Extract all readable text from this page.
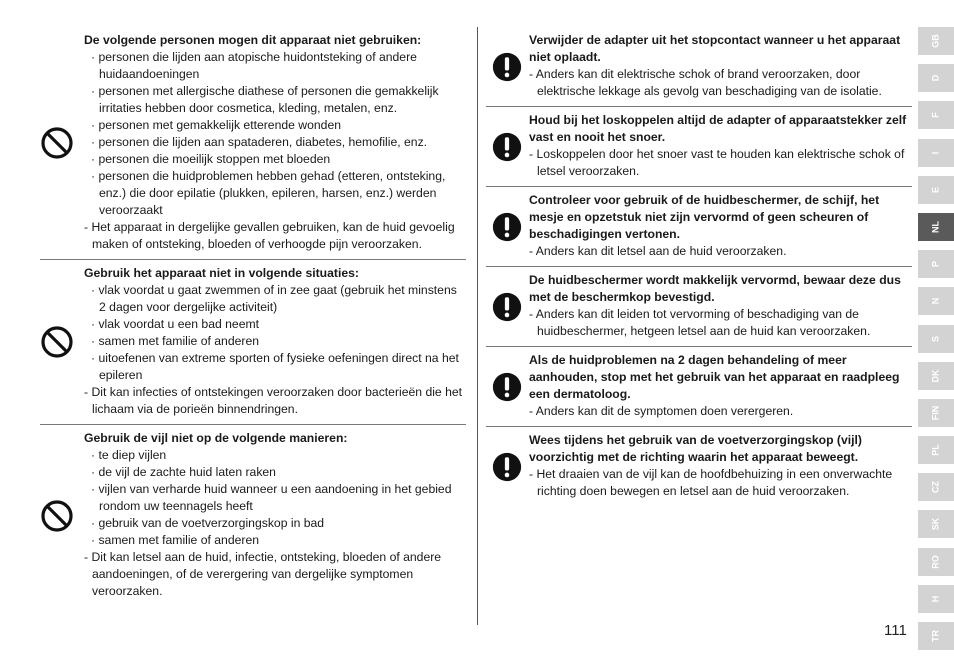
De volgende personen mogen dit apparaat niet gebruiken:

· personen die lijden aan atopische huidontsteking of andere huidaandoeningen
· personen met allergische diathese of personen die gemakkelijk irritaties hebben door cosmetica, kleding, metalen, enz.
· personen met gemakkelijk etterende wonden
· personen die lijden aan spataderen, diabetes, hemofilie, enz.
· personen die moeilijk stoppen met bloeden
· personen die huidproblemen hebben gehad (etteren, ontsteking, enz.) die door epilatie (plukken, epileren, harsen, enz.) werden veroorzaakt
- Het apparaat in dergelijke gevallen gebruiken, kan de huid gevoelig maken of ontsteking, bloeden of verhoogde pijn veroorzaken.

Gebruik het apparaat niet in volgende situaties:

· vlak voordat u gaat zwemmen of in zee gaat (gebruik het minstens 2 dagen voor dergelijke activiteit)
· vlak voordat u een bad neemt
· samen met familie of anderen
· uitoefenen van extreme sporten of fysieke oefeningen direct na het epileren
- Dit kan infecties of ontstekingen veroorzaken door bacterieën die het lichaam via de porieën binnendringen.

Gebruik de vijl niet op de volgende manieren:

· te diep vijlen
· de vijl de zachte huid laten raken
· vijlen van verharde huid wanneer u een aandoening in het gebied rondom uw teennagels heeft
· gebruik van de voetverzorgingskop in bad
· samen met familie of anderen
- Dit kan letsel aan de huid, infectie, ontsteking, bloeden of andere aandoeningen, of de verergering van dergelijke symptomen veroorzaken.

Verwijder de adapter uit het stopcontact wanneer u het apparaat niet oplaadt.

- Anders kan dit elektrische schok of brand veroorzaken, door elektrische lekkage als gevolg van beschadiging van de isolatie.

Houd bij het loskoppelen altijd de adapter of apparaatstekker zelf vast en nooit het snoer.

- Loskoppelen door het snoer vast te houden kan elektrische schok of letsel veroorzaken.

Controleer voor gebruik of de huidbeschermer, de schijf, het mesje en opzetstuk niet zijn vervormd of geen scheuren of beschadigingen vertonen.

- Anders kan dit letsel aan de huid veroorzaken.

De huidbeschermer wordt makkelijk vervormd, bewaar deze dus met de beschermkop bevestigd.

- Anders kan dit leiden tot vervorming of beschadiging van de huidbeschermer, hetgeen letsel aan de huid kan veroorzaken.

Als de huidproblemen na 2 dagen behandeling of meer aanhouden, stop met het gebruik van het apparaat en raadpleeg een dermatoloog.

- Anders kan dit de symptomen doen verergeren.

Wees tijdens het gebruik van de voetverzorgingskop (vijl) voorzichtig met de richting waarin het apparaat beweegt.

- Het draaien van de vijl kan de hoofdbehuizing in een onverwachte richting doen bewegen en letsel aan de huid veroorzaken.
GB
D
F
I
E
NL
P
N
S
DK
FIN
PL
CZ
SK
RO
H
TR
111
